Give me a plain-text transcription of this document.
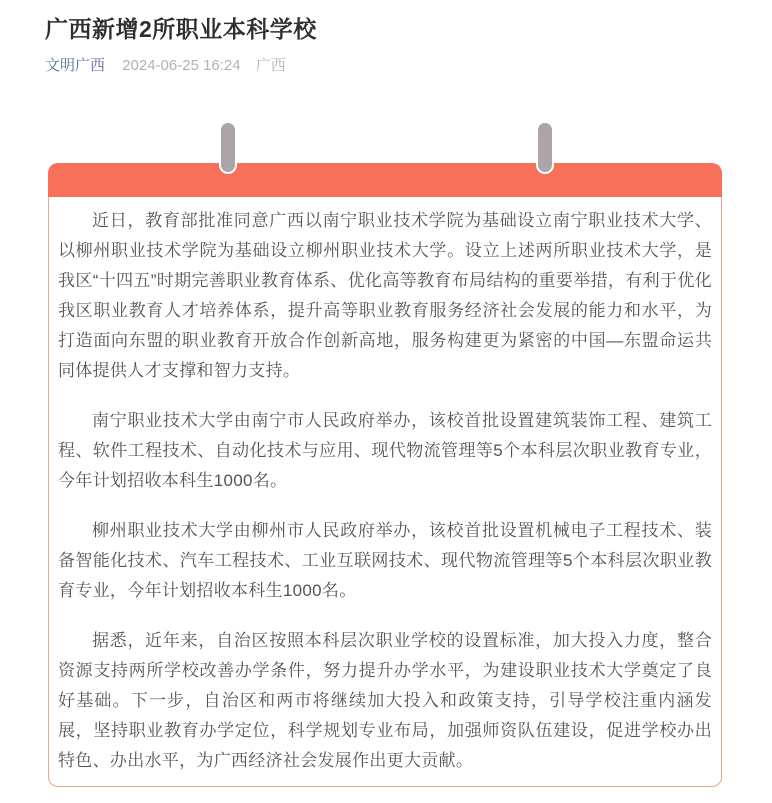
广西新增2所职业本科学校
文明广西 2024-06-25 16:24 广西

近日，教育部批准同意广西以南宁职业技术学院为基础设立南宁职业技术大学、以柳州职业技术学院为基础设立柳州职业技术大学。设立上述两所职业技术大学，是我区“十四五”时期完善职业教育体系、优化高等教育布局结构的重要举措，有利于优化我区职业教育人才培养体系，提升高等职业教育服务经济社会发展的能力和水平，为打造面向东盟的职业教育开放合作创新高地，服务构建更为紧密的中国—东盟命运共同体提供人才支撑和智力支持。

南宁职业技术大学由南宁市人民政府举办，该校首批设置建筑装饰工程、建筑工程、软件工程技术、自动化技术与应用、现代物流管理等5个本科层次职业教育专业，今年计划招收本科生1000名。

柳州职业技术大学由柳州市人民政府举办，该校首批设置机械电子工程技术、装备智能化技术、汽车工程技术、工业互联网技术、现代物流管理等5个本科层次职业教育专业，今年计划招收本科生1000名。

据悉，近年来，自治区按照本科层次职业学校的设置标准，加大投入力度，整合资源支持两所学校改善办学条件，努力提升办学水平，为建设职业技术大学奠定了良好基础。下一步，自治区和两市将继续加大投入和政策支持，引导学校注重内涵发展，坚持职业教育办学定位，科学规划专业布局，加强师资队伍建设，促进学校办出特色、办出水平，为广西经济社会发展作出更大贡献。
